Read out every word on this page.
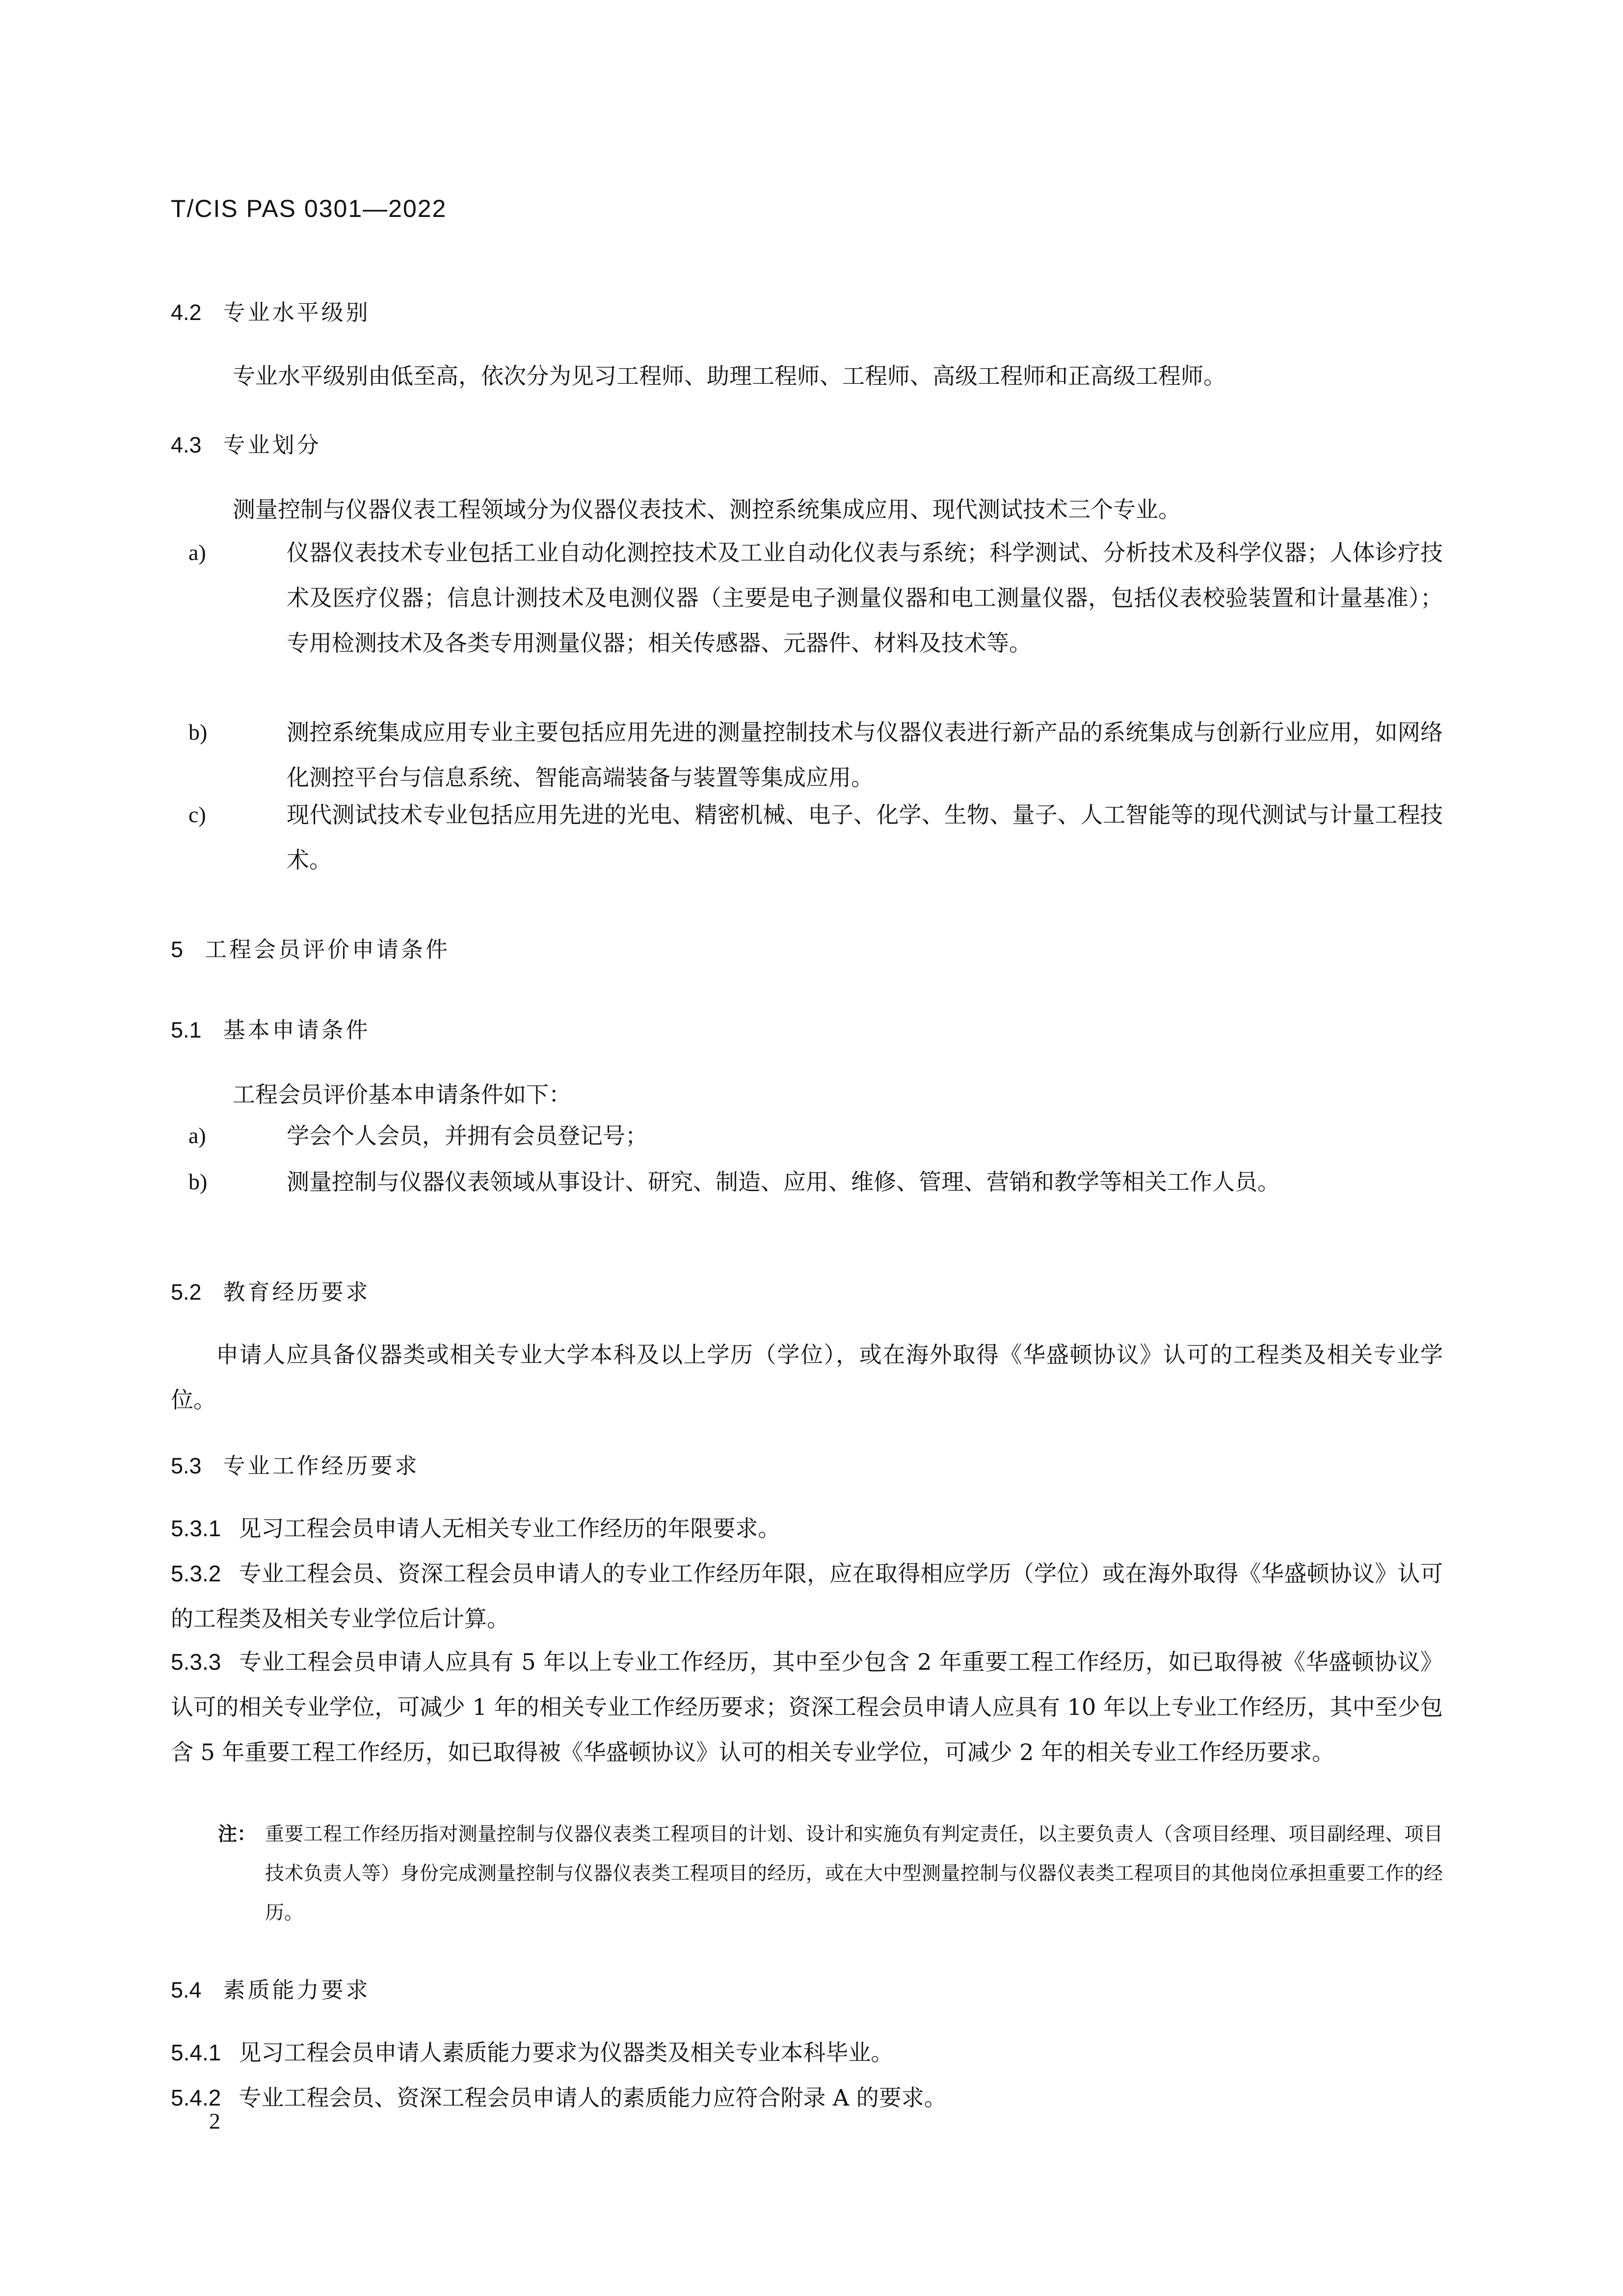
T/CIS PAS 0301—2022
4.2 专业水平级别
专业水平级别由低至高，依次分为见习工程师、助理工程师、工程师、高级工程师和正高级工程师。
4.3 专业划分
测量控制与仪器仪表工程领域分为仪器仪表技术、测控系统集成应用、现代测试技术三个专业。
a)	仪器仪表技术专业包括工业自动化测控技术及工业自动化仪表与系统；科学测试、分析技术及科学仪器；人体诊疗技术及医疗仪器；信息计测技术及电测仪器（主要是电子测量仪器和电工测量仪器，包括仪表校验装置和计量基准）；专用检测技术及各类专用测量仪器；相关传感器、元器件、材料及技术等。
b)	测控系统集成应用专业主要包括应用先进的测量控制技术与仪器仪表进行新产品的系统集成与创新行业应用，如网络化测控平台与信息系统、智能高端装备与装置等集成应用。
c)	现代测试技术专业包括应用先进的光电、精密机械、电子、化学、生物、量子、人工智能等的现代测试与计量工程技术。
5 工程会员评价申请条件
5.1 基本申请条件
工程会员评价基本申请条件如下：
a)	学会个人会员，并拥有会员登记号；
b)	测量控制与仪器仪表领域从事设计、研究、制造、应用、维修、管理、营销和教学等相关工作人员。
5.2 教育经历要求
申请人应具备仪器类或相关专业大学本科及以上学历（学位），或在海外取得《华盛顿协议》认可的工程类及相关专业学位。
5.3 专业工作经历要求
5.3.1 见习工程会员申请人无相关专业工作经历的年限要求。
5.3.2 专业工程会员、资深工程会员申请人的专业工作经历年限，应在取得相应学历（学位）或在海外取得《华盛顿协议》认可的工程类及相关专业学位后计算。
5.3.3 专业工程会员申请人应具有 5 年以上专业工作经历，其中至少包含 2 年重要工程工作经历，如已取得被《华盛顿协议》认可的相关专业学位，可减少 1 年的相关专业工作经历要求；资深工程会员申请人应具有 10 年以上专业工作经历，其中至少包含 5 年重要工程工作经历，如已取得被《华盛顿协议》认可的相关专业学位，可减少 2 年的相关专业工作经历要求。
注： 重要工程工作经历指对测量控制与仪器仪表类工程项目的计划、设计和实施负有判定责任，以主要负责人（含项目经理、项目副经理、项目技术负责人等）身份完成测量控制与仪器仪表类工程项目的经历，或在大中型测量控制与仪器仪表类工程项目的其他岗位承担重要工作的经历。
5.4 素质能力要求
5.4.1 见习工程会员申请人素质能力要求为仪器类及相关专业本科毕业。
5.4.2 专业工程会员、资深工程会员申请人的素质能力应符合附录 A 的要求。
2
